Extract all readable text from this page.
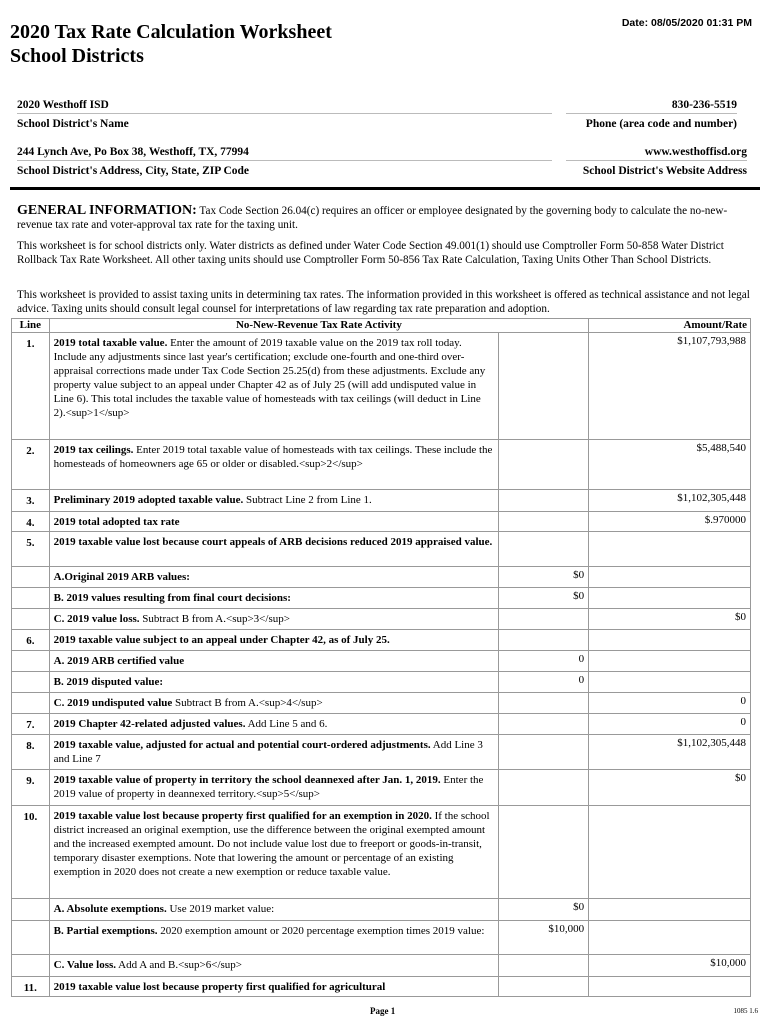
Date: 08/05/2020 01:31 PM
2020 Tax Rate Calculation Worksheet
School Districts
2020 Westhoff ISD
School District's Name
830-236-5519
Phone (area code and number)
244 Lynch Ave, Po Box 38, Westhoff, TX, 77994
School District's Address, City, State, ZIP Code
www.westhoffisd.org
School District's Website Address
GENERAL INFORMATION: Tax Code Section 26.04(c) requires an officer or employee designated by the governing body to calculate the no-new-revenue tax rate and voter-approval tax rate for the taxing unit.
This worksheet is for school districts only. Water districts as defined under Water Code Section 49.001(1) should use Comptroller Form 50-858 Water District Rollback Tax Rate Worksheet. All other taxing units should use Comptroller Form 50-856 Tax Rate Calculation, Taxing Units Other Than School Districts.
This worksheet is provided to assist taxing units in determining tax rates. The information provided in this worksheet is offered as technical assistance and not legal advice. Taxing units should consult legal counsel for interpretations of law regarding tax rate preparation and adoption.
Line	No-New-Revenue Tax Rate Activity		Amount/Rate
1.	2019 total taxable value. Enter the amount of 2019 taxable value on the 2019 tax roll today. Include any adjustments since last year's certification; exclude one-fourth and one-third over-appraisal corrections made under Tax Code Section 25.25(d) from these adjustments. Exclude any property value subject to an appeal under Chapter 42 as of July 25 (will add undisputed value in Line 6). This total includes the taxable value of homesteads with tax ceilings (will deduct in Line 2).<sup>1</sup>		$1,107,793,988
2.	2019 tax ceilings. Enter 2019 total taxable value of homesteads with tax ceilings. These include the homesteads of homeowners age 65 or older or disabled.<sup>2</sup>		$5,488,540
3.	Preliminary 2019 adopted taxable value. Subtract Line 2 from Line 1.		$1,102,305,448
4.	2019 total adopted tax rate		$.970000
5.	2019 taxable value lost because court appeals of ARB decisions reduced 2019 appraised value.		
	A.Original 2019 ARB values:	$0	
	B. 2019 values resulting from final court decisions:	$0	
	C. 2019 value loss. Subtract B from A.<sup>3</sup>		$0
6.	2019 taxable value subject to an appeal under Chapter 42, as of July 25.		
	A. 2019 ARB certified value	0	
	B. 2019 disputed value:	0	
	C. 2019 undisputed value Subtract B from A.<sup>4</sup>		0
7.	2019 Chapter 42-related adjusted values. Add Line 5 and 6.		0
8.	2019 taxable value, adjusted for actual and potential court-ordered adjustments. Add Line 3 and Line 7		$1,102,305,448
9.	2019 taxable value of property in territory the school deannexed after Jan. 1, 2019. Enter the 2019 value of property in deannexed territory.<sup>5</sup>		$0
10.	2019 taxable value lost because property first qualified for an exemption in 2020. If the school district increased an original exemption, use the difference between the original exempted amount and the increased exempted amount. Do not include value lost due to freeport or goods-in-transit, temporary disaster exemptions. Note that lowering the amount or percentage of an existing exemption in 2020 does not create a new exemption or reduce taxable value.		
	A. Absolute exemptions. Use 2019 market value:	$0	
	B. Partial exemptions. 2020 exemption amount or 2020 percentage exemption times 2019 value:	$10,000	
	C. Value loss. Add A and B.<sup>6</sup>		$10,000
11.	2019 taxable value lost because property first qualified for agricultural		
Page 1	1085 1.6
